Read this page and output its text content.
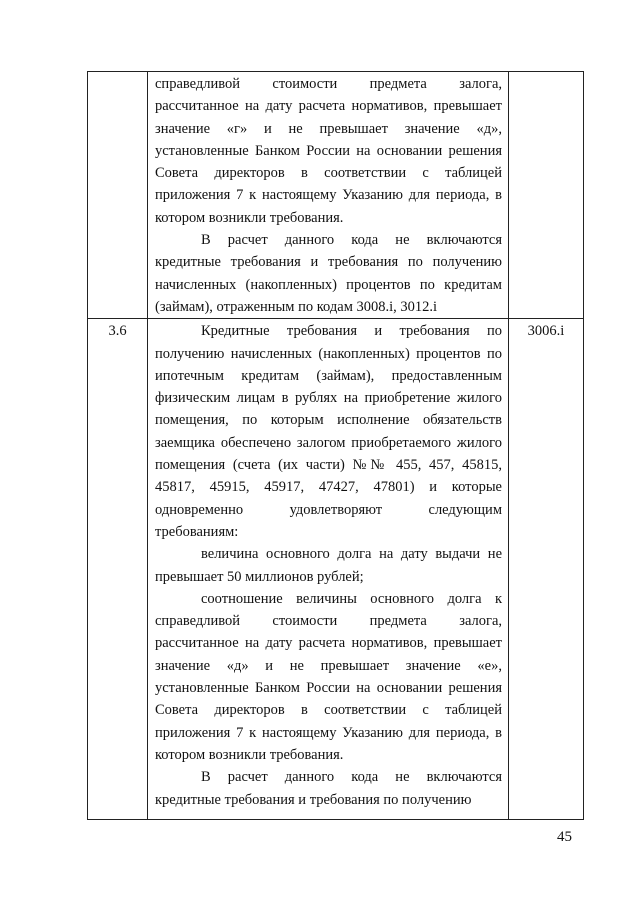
	справедливой стоимости предмета залога, рассчитанное на дату расчета нормативов, превышает значение «г» и не превышает значение «д», установленные Банком России на основании решения Совета директоров в соответствии с таблицей приложения 7 к настоящему Указанию для периода, в котором возникли требования.

В расчет данного кода не включаются кредитные требования и требования по получению начисленных (накопленных) процентов по кредитам (займам), отраженным по кодам 3008.i, 3012.i	

3.6	Кредитные требования и требования по получению начисленных (накопленных) процентов по ипотечным кредитам (займам), предоставленным физическим лицам в рублях на приобретение жилого помещения, по которым исполнение обязательств заемщика обеспечено залогом приобретаемого жилого помещения (счета (их части) №№ 455, 457, 45815, 45817, 45915, 45917, 47427, 47801) и которые одновременно удовлетворяют следующим требованиям:

величина основного долга на дату выдачи не превышает 50 миллионов рублей;

соотношение величины основного долга к справедливой стоимости предмета залога, рассчитанное на дату расчета нормативов, превышает значение «д» и не превышает значение «е», установленные Банком России на основании решения Совета директоров в соответствии с таблицей приложения 7 к настоящему Указанию для периода, в котором возникли требования.

В расчет данного кода не включаются кредитные требования и требования по получению	3006.i
45
